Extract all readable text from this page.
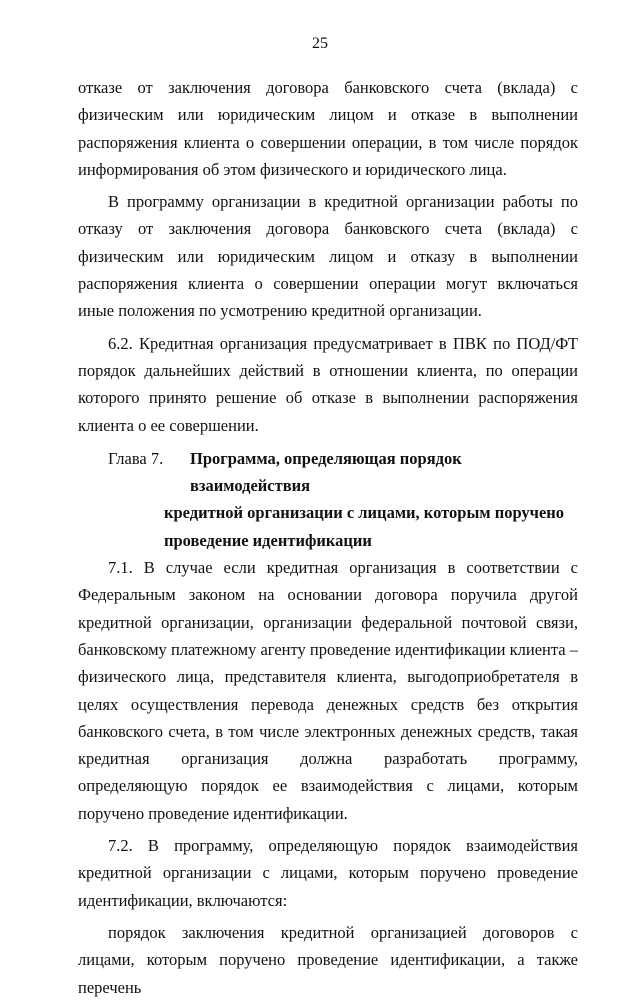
25

отказе от заключения договора банковского счета (вклада) с физическим или юридическим лицом и отказе в выполнении распоряжения клиента о совершении операции, в том числе порядок информирования об этом физического и юридического лица.

В программу организации в кредитной организации работы по отказу от заключения договора банковского счета (вклада) с физическим или юридическим лицом и отказу в выполнении распоряжения клиента о совершении операции могут включаться иные положения по усмотрению кредитной организации.

6.2. Кредитная организация предусматривает в ПВК по ПОД/ФТ порядок дальнейших действий в отношении клиента, по операции которого принято решение об отказе в выполнении распоряжения клиента о ее совершении.

Глава 7.	Программа, определяющая порядок взаимодействия
кредитной организации с лицами, которым поручено
проведение идентификации

7.1. В случае если кредитная организация в соответствии с Федеральным законом на основании договора поручила другой кредитной организации, организации федеральной почтовой связи, банковскому платежному агенту проведение идентификации клиента – физического лица, представителя клиента, выгодоприобретателя в целях осуществления перевода денежных средств без открытия банковского счета, в том числе электронных денежных средств, такая кредитная организация должна разработать программу, определяющую порядок ее взаимодействия с лицами, которым поручено проведение идентификации.

7.2. В программу, определяющую порядок взаимодействия кредитной организации с лицами, которым поручено проведение идентификации, включаются:

порядок заключения кредитной организацией договоров с лицами, которым поручено проведение идентификации, а также перечень
